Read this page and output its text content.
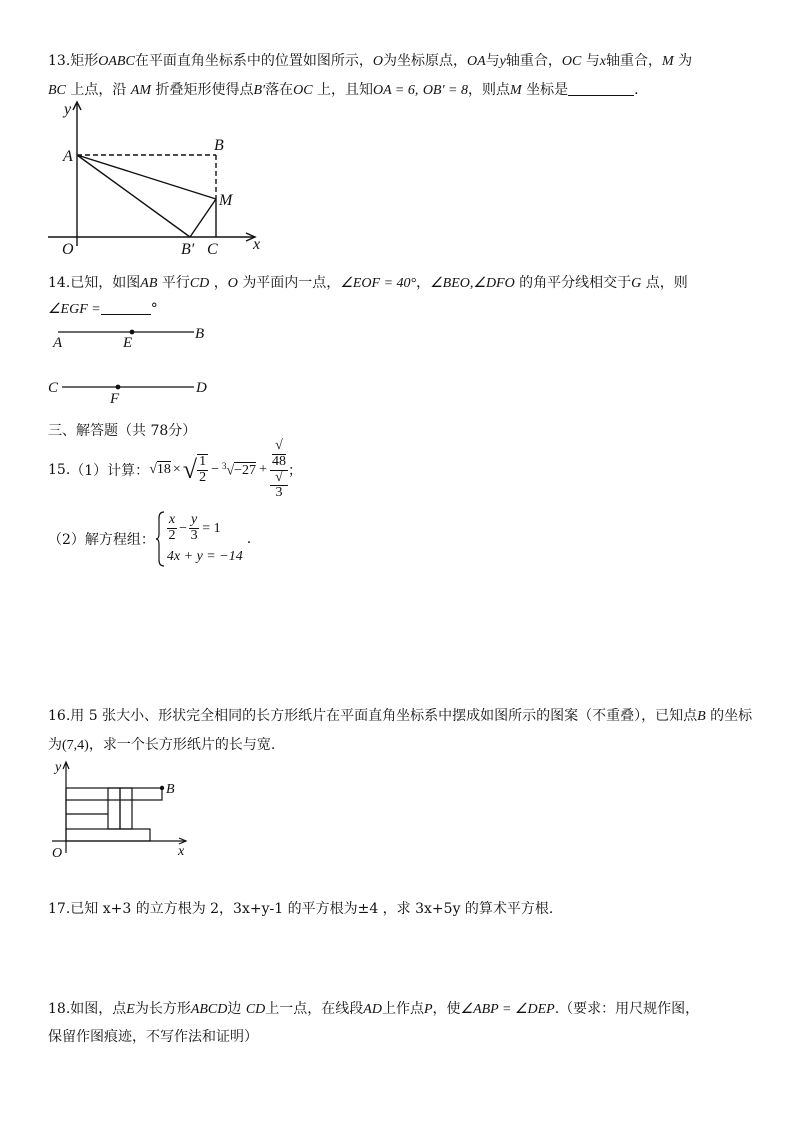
13.矩形OABC在平面直角坐标系中的位置如图所示，O为坐标原点，OA与y轴重合，OC 与x轴重合，M 为
BC 上点，沿 AM 折叠矩形使得点B′落在OC 上，且知OA = 6, OB′ = 8，则点M 坐标是	.
y
A
B
M
O	B′ C x
14.已知，如图AB 平行CD ，O 为平面内一点，∠EOF = 40°，∠BEO,∠DFO 的角平分线相交于G 点，则
∠EGF =	°
A	E
B
C
F
D
三、解答题（共 78分）
15. （1）计算： √18 × √ $\frac{1}{2} - ^3√-27$ + √
48
√
3 ；
（2）解方程组： $\frac{x}{2} - \frac{y}{3} = 1$
4x + y = −14
.
16.用 5 张大小、形状完全相同的长方形纸片在平面直角坐标系中摆成如图所示的图案（不重叠），已知点B 的坐标
为(7,4)，求一个长方形纸片的长与宽.
y
B
O	x
17.已知 x+3 的立方根为 2，3x+y-1 的平方根为±4 ，求 3x+5y 的算术平方根.
18.如图，点E为长方形ABCD边 CD上一点，在线段AD上作点P，使∠ABP = ∠DEP.（要求：用尺规作图，
保留作图痕迹，不写作法和证明）
